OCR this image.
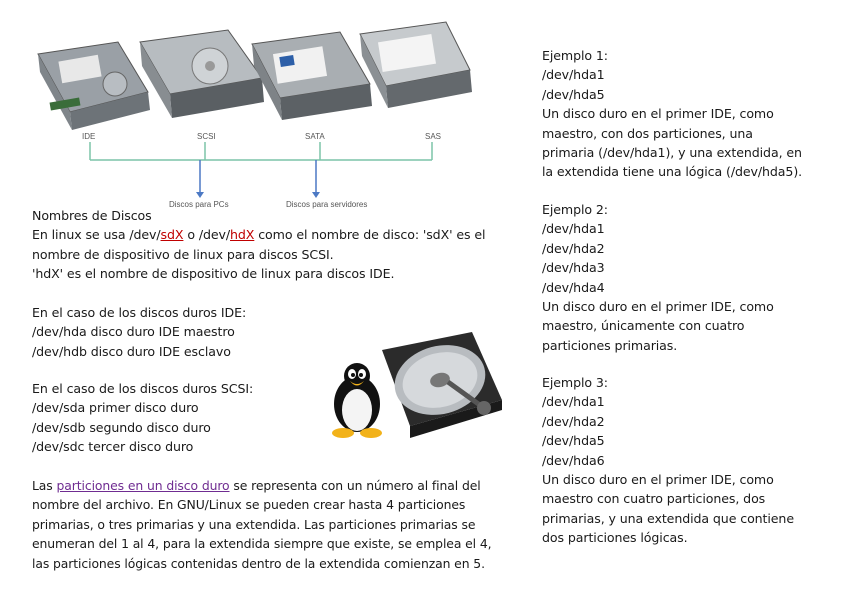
IDE	SCSI	SATA	SAS
Discos para PCs	Discos para servidores
Nombres de Discos
En linux se usa /dev/sdX o /dev/hdX como el nombre de disco: 'sdX' es el
nombre de dispositivo de linux para discos SCSI.
'hdX' es el nombre de dispositivo de linux para discos IDE.
En el caso de los discos duros IDE:
/dev/hda disco duro IDE maestro
/dev/hdb disco duro IDE esclavo
En el caso de los discos duros SCSI:
/dev/sda primer disco duro
/dev/sdb segundo disco duro
/dev/sdc tercer disco duro
Las particiones en un disco duro se representa con un número al final del
nombre del archivo. En GNU/Linux se pueden crear hasta 4 particiones
primarias, o tres primarias y una extendida. Las particiones primarias se
enumeran del 1 al 4, para la extendida siempre que existe, se emplea el 4,
las particiones lógicas contenidas dentro de la extendida comienzan en 5.
Ejemplo 1:
/dev/hda1
/dev/hda5
Un disco duro en el primer IDE, como
maestro, con dos particiones, una
primaria (/dev/hda1), y una extendida, en
la extendida tiene una lógica (/dev/hda5).
Ejemplo 2:
/dev/hda1
/dev/hda2
/dev/hda3
/dev/hda4
Un disco duro en el primer IDE, como
maestro, únicamente con cuatro
particiones primarias.
Ejemplo 3:
/dev/hda1
/dev/hda2
/dev/hda5
/dev/hda6
Un disco duro en el primer IDE, como
maestro con cuatro particiones, dos
primarias, y una extendida que contiene
dos particiones lógicas.
